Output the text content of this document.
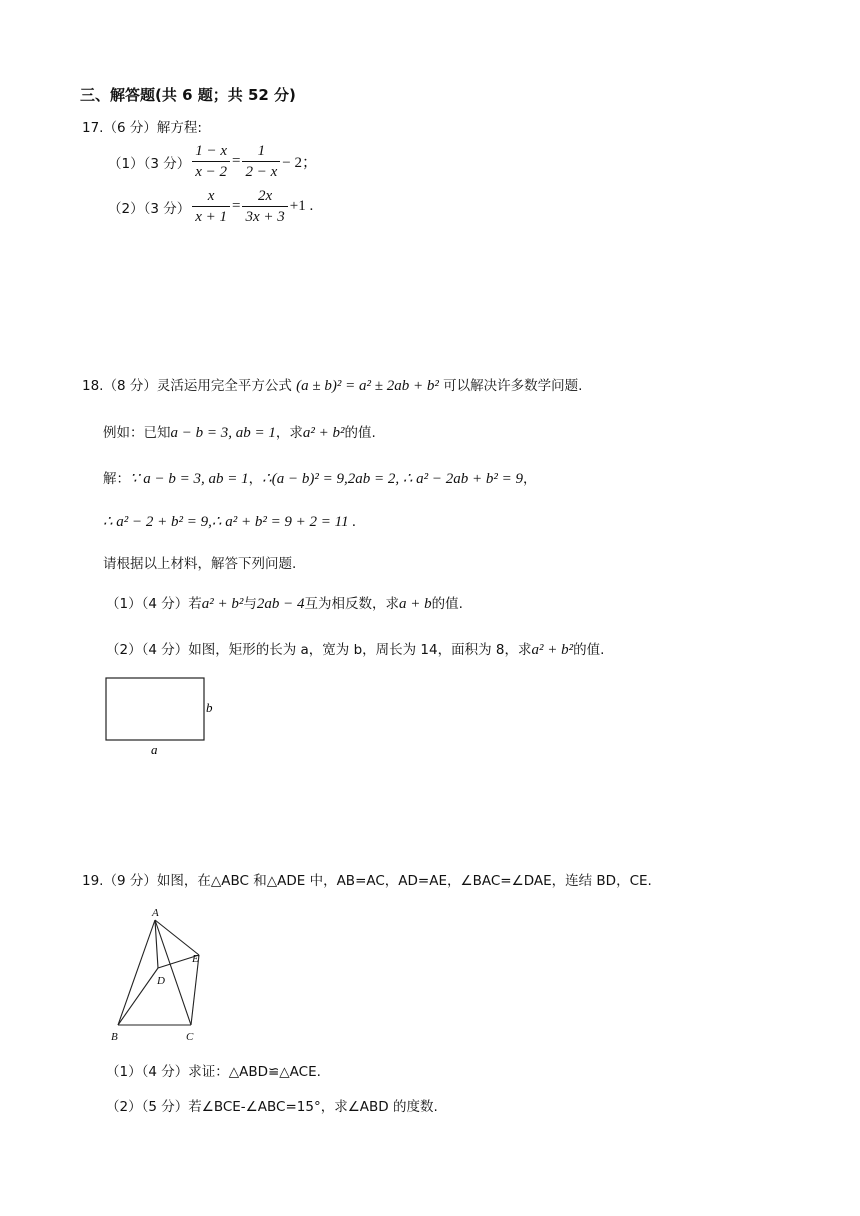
三、解答题(共 6 题；共 52 分)
17.（6 分）解方程:
（1）（3 分） $\frac{1 - x}{x - 2} = \frac{1}{2 - x} - 2$；
（2）（3 分） $\frac{x}{x + 1} = \frac{2x}{3x + 3} +1$ .
18.（8 分）灵活运用完全平方公式 (a ± b)² = a² ± 2ab + b² 可以解决许多数学问题.
例如：已知a − b = 3, ab = 1，求a² + b²的值.
解：∵ a − b = 3, ab = 1，∴(a − b)² = 9,2ab = 2, ∴ a² − 2ab + b² = 9，
∴ a² − 2 + b² = 9,∴ a² + b² = 9 + 2 = 11 .
请根据以上材料，解答下列问题.
（1）（4 分）若a² + b²与2ab − 4互为相反数，求a + b的值.
（2）（4 分）如图，矩形的长为 a，宽为 b，周长为 14，面积为 8，求a² + b²的值.
b
a
19.（9 分）如图，在△ABC 和△ADE 中，AB=AC，AD=AE，∠BAC=∠DAE，连结 BD，CE.
A
B	C
D
E
（1）（4 分）求证：△ABD≌△ACE.
（2）（5 分）若∠BCE-∠ABC=15°，求∠ABD 的度数.
